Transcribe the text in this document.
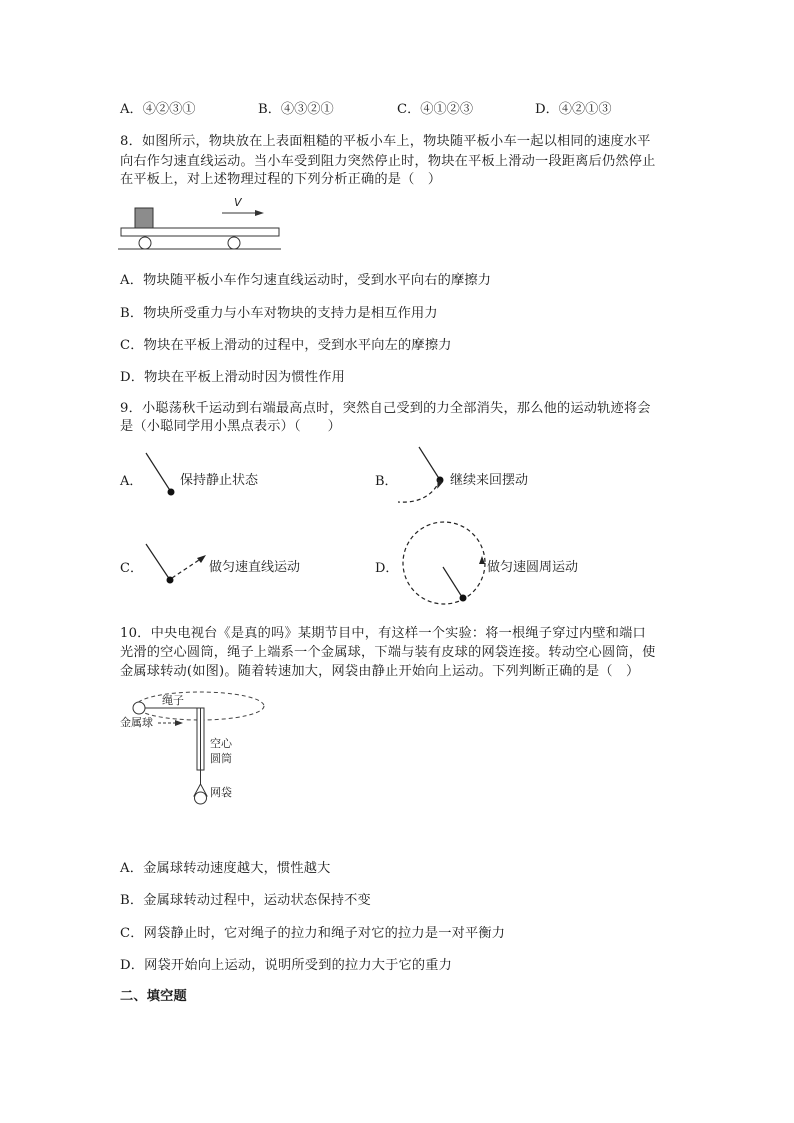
A．④②③①	B．④③②①	C．④①②③	D．④②①③
8．如图所示，物块放在上表面粗糙的平板小车上，物块随平板小车一起以相同的速度水平
向右作匀速直线运动。当小车受到阻力突然停止时，物块在平板上滑动一段距离后仍然停止
在平板上，对上述物理过程的下列分析正确的是（　）
V
A．物块随平板小车作匀速直线运动时，受到水平向右的摩擦力
B．物块所受重力与小车对物块的支持力是相互作用力
C．物块在平板上滑动的过程中，受到水平向左的摩擦力
D．物块在平板上滑动时因为惯性作用
9．小聪荡秋千运动到右端最高点时，突然自己受到的力全部消失，那么他的运动轨迹将会
是（小聪同学用小黑点表示）（　　）
A．	保持静止状态	B．	继续来回摆动
C．	做匀速直线运动	D．	做匀速圆周运动
10．中央电视台《是真的吗》某期节目中，有这样一个实验：将一根绳子穿过内壁和端口
光滑的空心圆筒，绳子上端系一个金属球，下端与装有皮球的网袋连接。转动空心圆筒，使
金属球转动(如图)。随着转速加大，网袋由静止开始向上运动。下列判断正确的是（　）
绳子
金属球
空心
圆筒
网袋
A．金属球转动速度越大，惯性越大
B．金属球转动过程中，运动状态保持不变
C．网袋静止时，它对绳子的拉力和绳子对它的拉力是一对平衡力
D．网袋开始向上运动，说明所受到的拉力大于它的重力
二、填空题
